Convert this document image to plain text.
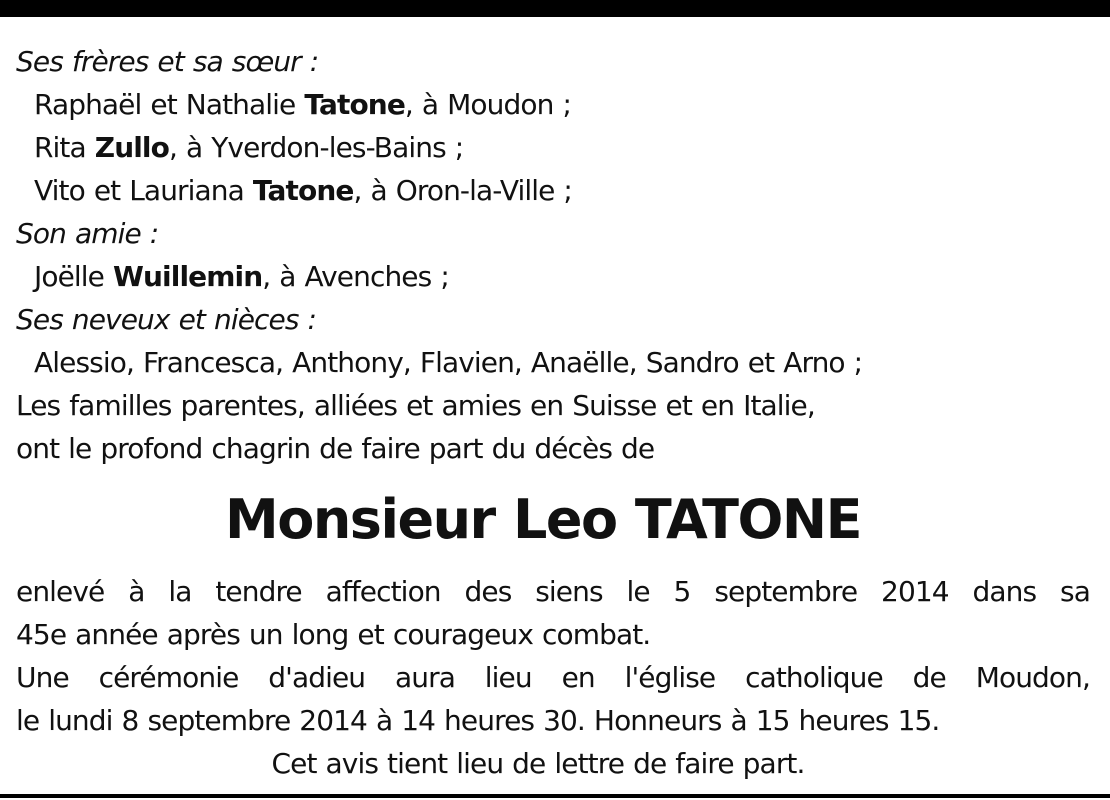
Ses frères et sa sœur :
Raphaël et Nathalie Tatone, à Moudon ;
Rita Zullo, à Yverdon-les-Bains ;
Vito et Lauriana Tatone, à Oron-la-Ville ;
Son amie :
Joëlle Wuillemin, à Avenches ;
Ses neveux et nièces :
Alessio, Francesca, Anthony, Flavien, Anaëlle, Sandro et Arno ;
Les familles parentes, alliées et amies en Suisse et en Italie,
ont le profond chagrin de faire part du décès de
Monsieur Leo TATONE
enlevé à la tendre affection des siens le 5 septembre 2014 dans sa
45e année après un long et courageux combat.
Une cérémonie d'adieu aura lieu en l'église catholique de Moudon,
le lundi 8 septembre 2014 à 14 heures 30. Honneurs à 15 heures 15.
Cet avis tient lieu de lettre de faire part.
